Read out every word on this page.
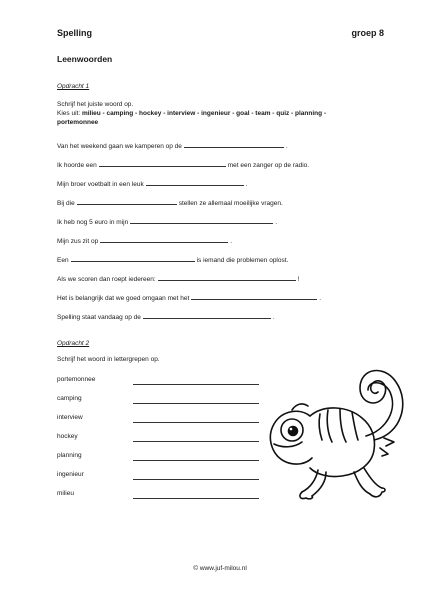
Spelling	groep 8
Leenwoorden
Opdracht 1
Schrijf het juiste woord op.
Kies uit: milieu - camping - hockey - interview - ingenieur - goal - team - quiz - planning - portemonnee
Van het weekend gaan we kamperen op de	.
Ik hoorde een	met een zanger op de radio.
Mijn broer voetbalt in een leuk	.
Bij die	stellen ze allemaal moeilijke vragen.
Ik heb nog 5 euro in mijn	.
Mijn zus zit op	.
Een	is iemand die problemen oplost.
Als we scoren dan roept iedereen:	!
Het is belangrijk dat we goed omgaan met het	.
Spelling staat vandaag op de	.
Opdracht 2
Schrijf het woord in lettergrepen op.
portemonnee
camping
interview
hockey
planning
ingenieur
milieu
© www.juf-milou.nl
